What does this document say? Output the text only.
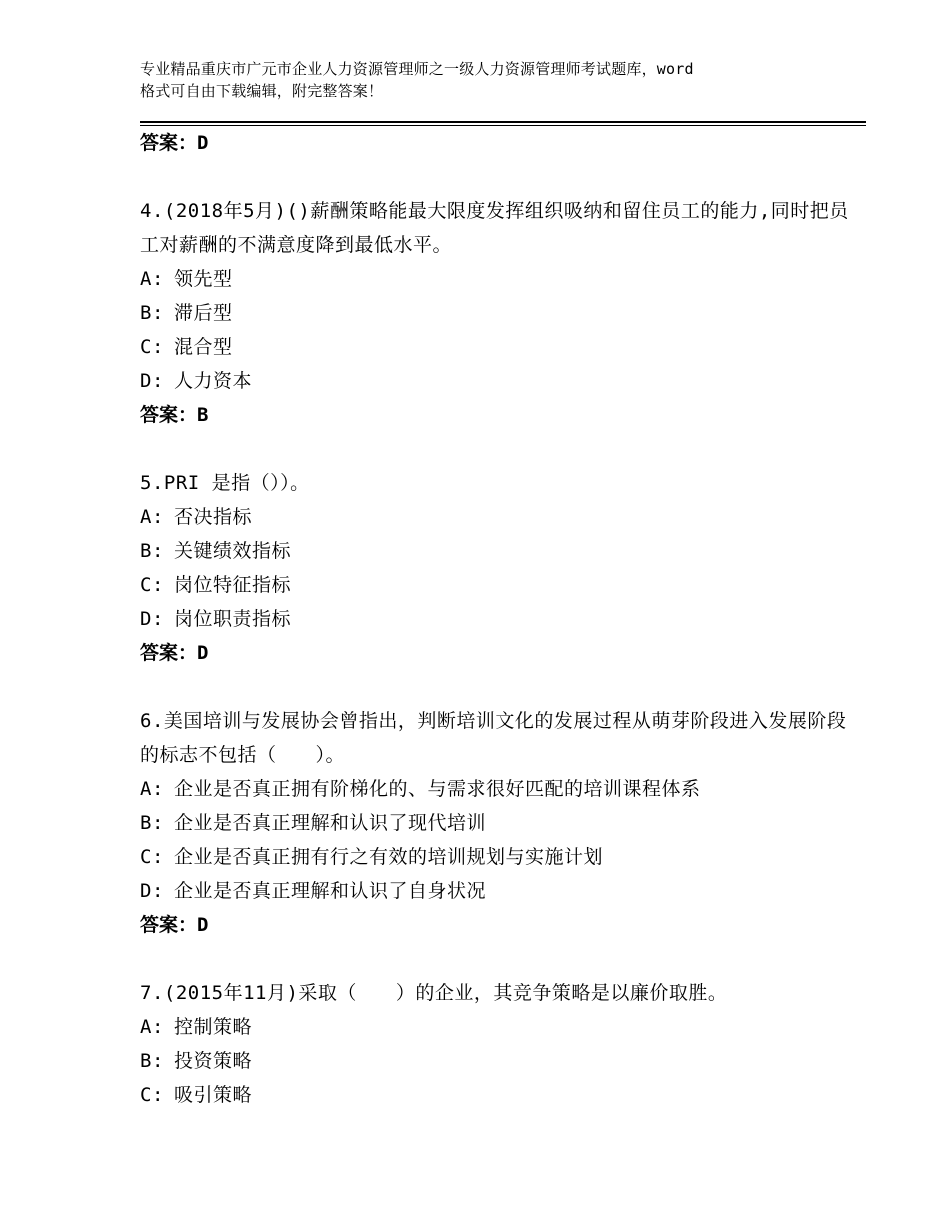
专业精品重庆市广元市企业人力资源管理师之一级人力资源管理师考试题库，word
格式可自由下载编辑，附完整答案！
答案：D
4.(2018年5月)()薪酬策略能最大限度发挥组织吸纳和留住员工的能力,同时把员工对薪酬的不满意度降到最低水平。
A: 领先型
B: 滞后型
C: 混合型
D: 人力资本
答案：B
5.PRI 是指（））。
A: 否决指标
B: 关键绩效指标
C: 岗位特征指标
D: 岗位职责指标
答案：D
6.美国培训与发展协会曾指出，判断培训文化的发展过程从萌芽阶段进入发展阶段的标志不包括（　　）。
A: 企业是否真正拥有阶梯化的、与需求很好匹配的培训课程体系
B: 企业是否真正理解和认识了现代培训
C: 企业是否真正拥有行之有效的培训规划与实施计划
D: 企业是否真正理解和认识了自身状况
答案：D
7.(2015年11月)采取（　　）的企业，其竞争策略是以廉价取胜。
A: 控制策略
B: 投资策略
C: 吸引策略
